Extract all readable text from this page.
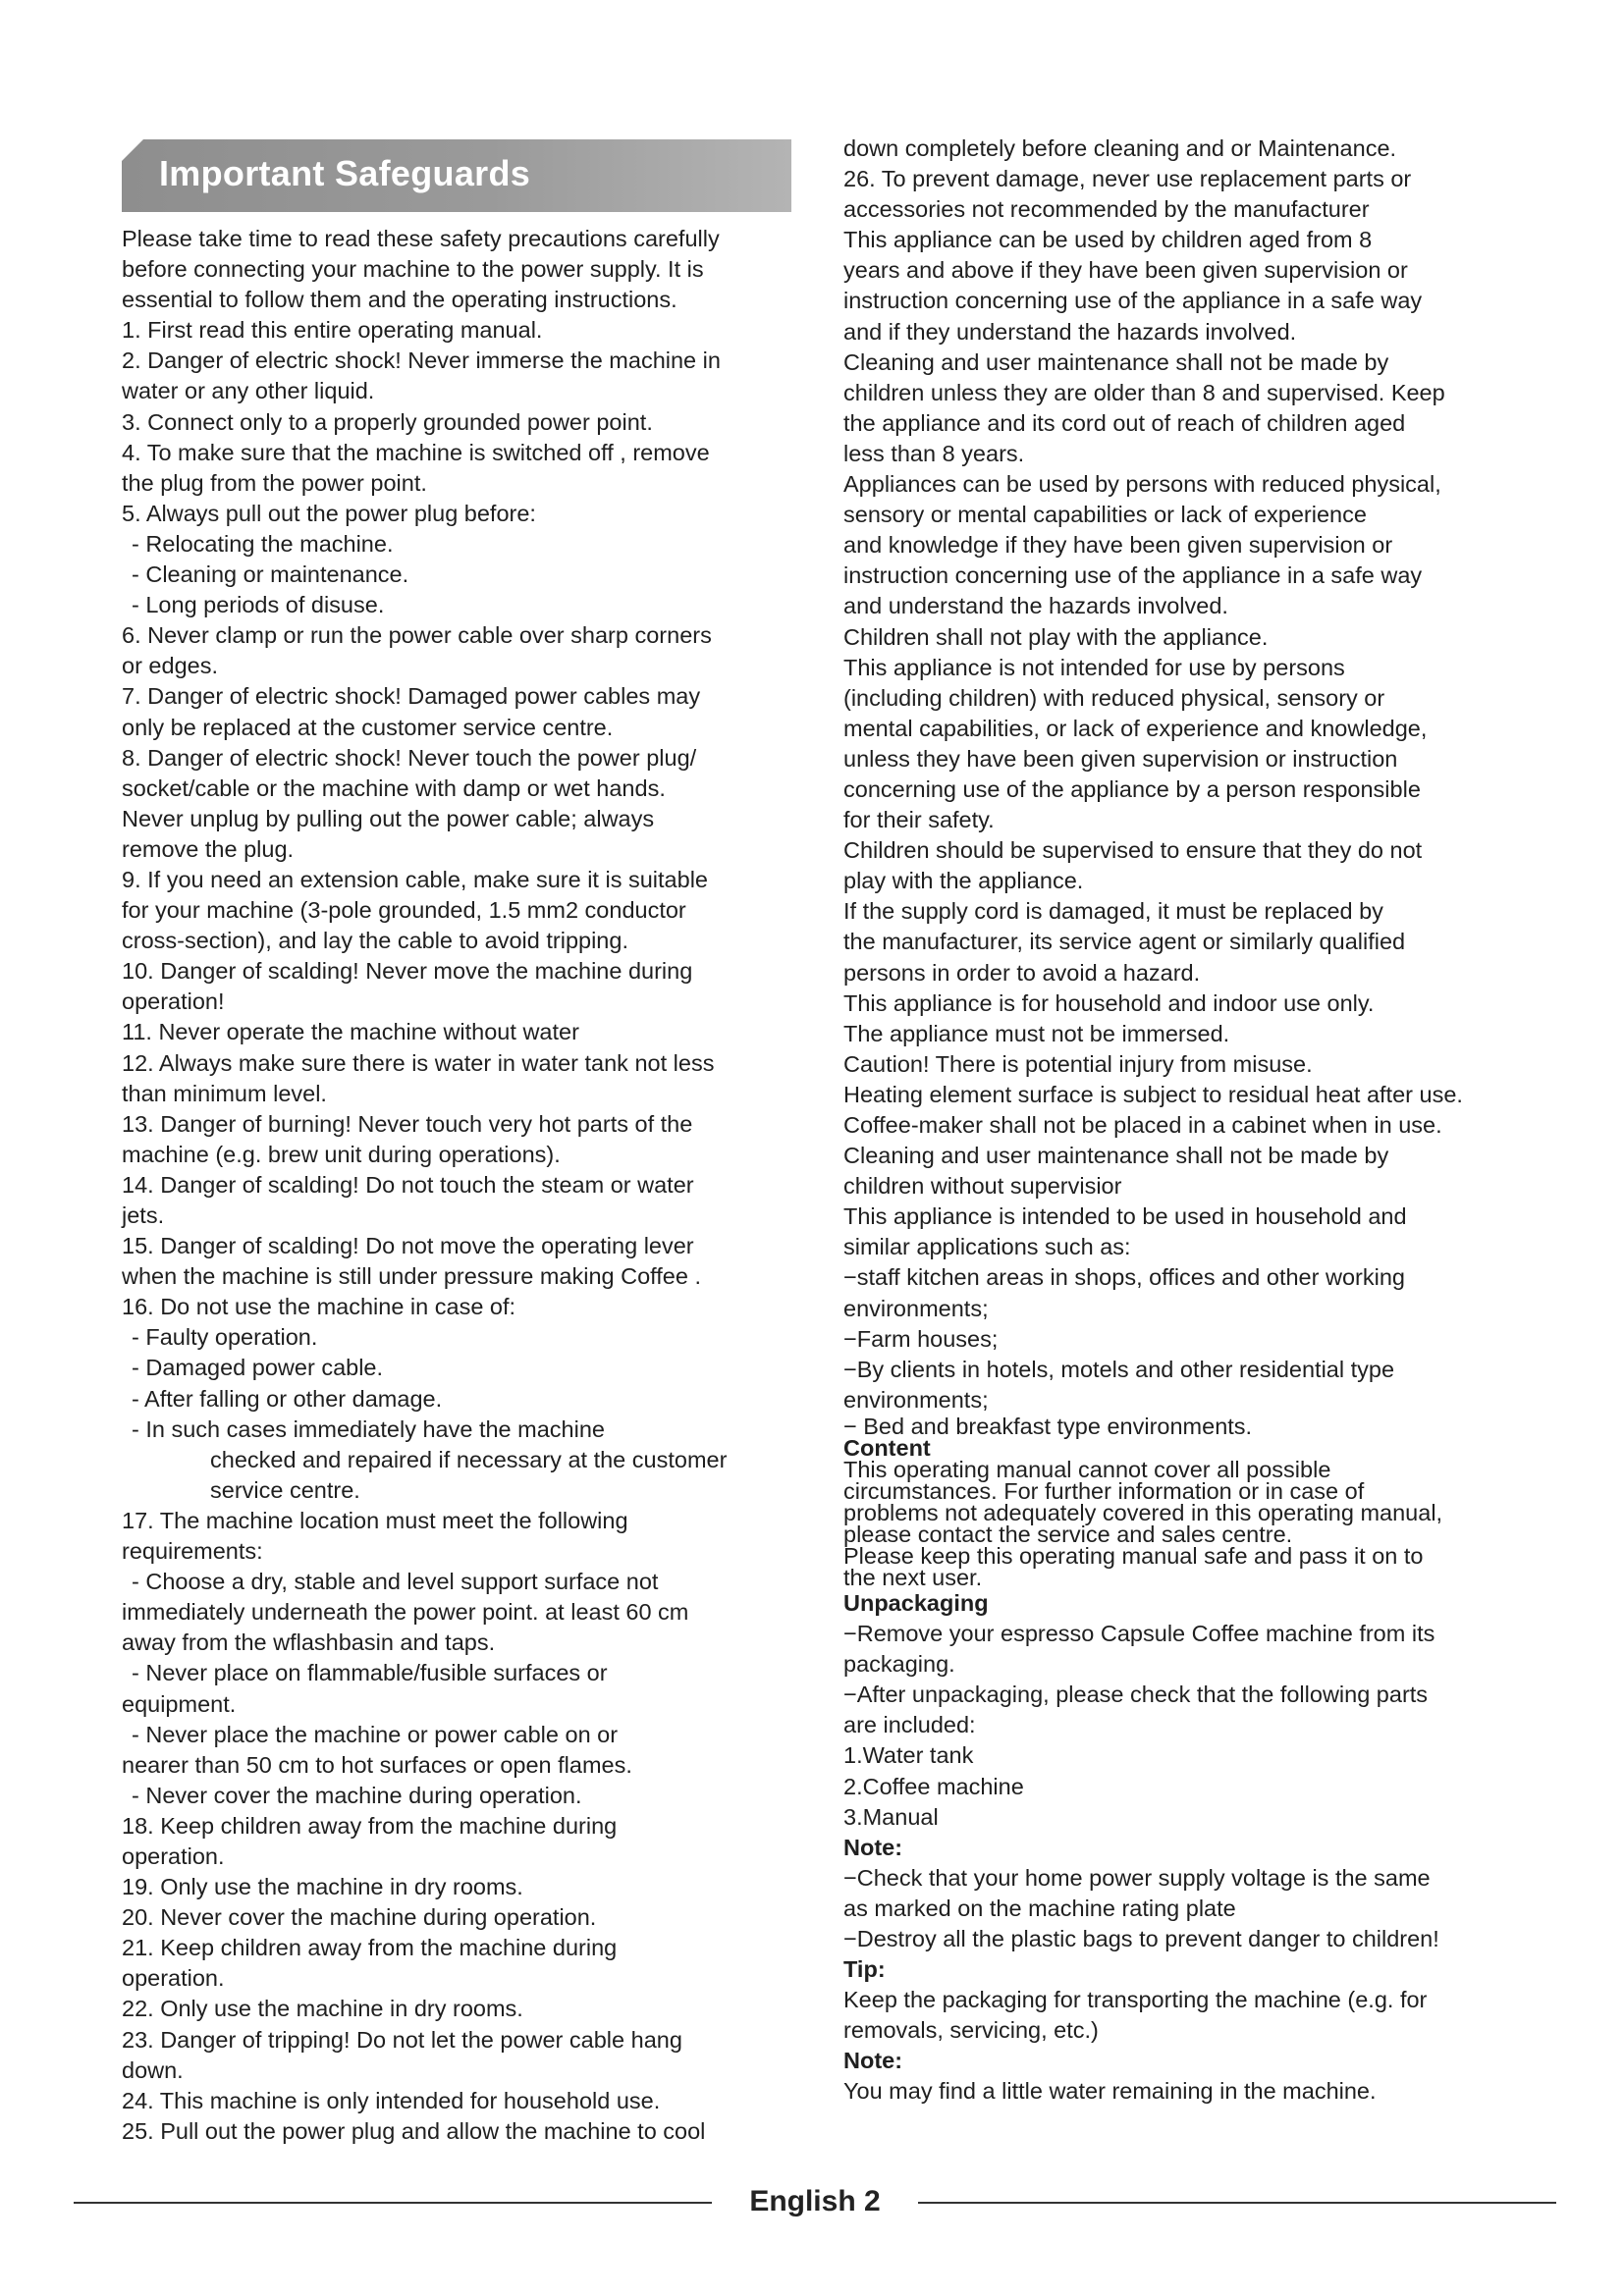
Important Safeguards

Please take time to read these safety precautions carefully

before connecting your machine to the power supply. It is

essential to follow them and the operating instructions.

1. First read this entire operating manual.

2. Danger of electric shock! Never immerse the machine in

water or any other liquid.

3. Connect only to a properly grounded power point.

4. To make sure that the machine is switched off , remove

the plug from the power point.

5. Always pull out the power plug before:

- Relocating the machine.

- Cleaning or maintenance.

- Long periods of disuse.

6. Never clamp or run the power cable over sharp corners

or edges.

7. Danger of electric shock! Damaged power cables may

only be replaced at the customer service centre.

8. Danger of electric shock! Never touch the power plug/

socket/cable or the machine with damp or wet hands.

Never unplug by pulling out the power cable; always

remove the plug.

9. If you need an extension cable, make sure it is suitable

for your machine (3-pole grounded, 1.5 mm2 conductor

cross-section), and lay the cable to avoid tripping.

10. Danger of scalding! Never move the machine during

operation!

11. Never operate the machine without water

12. Always make sure there is water in water tank not less

than minimum level.

13. Danger of burning! Never touch very hot parts of the

machine (e.g. brew unit during operations).

14. Danger of scalding! Do not touch the steam or water

jets.

15. Danger of scalding! Do not move the operating lever

when the machine is still under pressure making Coffee .

16. Do not use the machine in case of:

- Faulty operation.

- Damaged power cable.

- After falling or other damage.

- In such cases immediately have the machine

checked and repaired if necessary at the customer

service centre.

17. The machine location must meet the following

requirements:

- Choose a dry, stable and level support surface not

immediately underneath the power point. at least 60 cm

away from the wflashbasin and taps.

- Never place on flammable/fusible surfaces or

equipment.

- Never place the machine or power cable on or

nearer than 50 cm to hot surfaces or open flames.

- Never cover the machine during operation.

18. Keep children away from the machine during

operation.

19. Only use the machine in dry rooms.

20. Never cover the machine during operation.

21. Keep children away from the machine during

operation.

22. Only use the machine in dry rooms.

23. Danger of tripping! Do not let the power cable hang

down.

24. This machine is only intended for household use.

25. Pull out the power plug and allow the machine to cool

down completely before cleaning and or Maintenance.

26. To prevent damage, never use replacement parts or

accessories not recommended by the manufacturer

This appliance can be used by children aged from 8

years and above if they have been given supervision or

instruction concerning use of the appliance in a safe way

and if they understand the hazards involved.

Cleaning and user maintenance shall not be made by

children unless they are older than 8 and supervised. Keep

the appliance and its cord out of reach of children aged

less than 8 years.

Appliances can be used by persons with reduced physical,

sensory or mental capabilities or lack of experience

and knowledge if they have been given supervision or

instruction concerning use of the appliance in a safe way

and understand the hazards involved.

Children shall not play with the appliance.

This appliance is not intended for use by persons

(including children) with reduced physical, sensory or

mental capabilities, or lack of experience and knowledge,

unless they have been given supervision or instruction

concerning use of the appliance by a person responsible

for their safety.

Children should be supervised to ensure that they do not

play with the appliance.

If the supply cord is damaged, it must be replaced by

the manufacturer, its service agent or similarly qualified

persons in order to avoid a hazard.

This appliance is for household and indoor use only.

The appliance must not be immersed.

Caution! There is potential injury from misuse.

Heating element surface is subject to residual heat after use.

Coffee-maker shall not be placed in a cabinet when in use.

Cleaning and user maintenance shall not be made by

children without supervisior

This appliance is intended to be used in household and

similar applications such as:

−staff kitchen areas in shops, offices and other working

environments;

−Farm houses;

−By clients in hotels, motels and other residential type

environments;

− Bed and breakfast type environments.

Content

This operating manual cannot cover all possible

circumstances. For further information or in case of

problems not adequately covered in this operating manual,

please contact the service and sales centre.

Please keep this operating manual safe and pass it on to

the next user.

Unpackaging

−Remove your espresso Capsule Coffee machine from its

packaging.

−After unpackaging, please check that the following parts

are included:

1.Water tank

2.Coffee machine

3.Manual

Note:

−Check that your home power supply voltage is the same

as marked on the machine rating plate

−Destroy all the plastic bags to prevent danger to children!

Tip:

Keep the packaging for transporting the machine (e.g. for

removals, servicing, etc.)

Note:

You may find a little water remaining in the machine.

English 2
